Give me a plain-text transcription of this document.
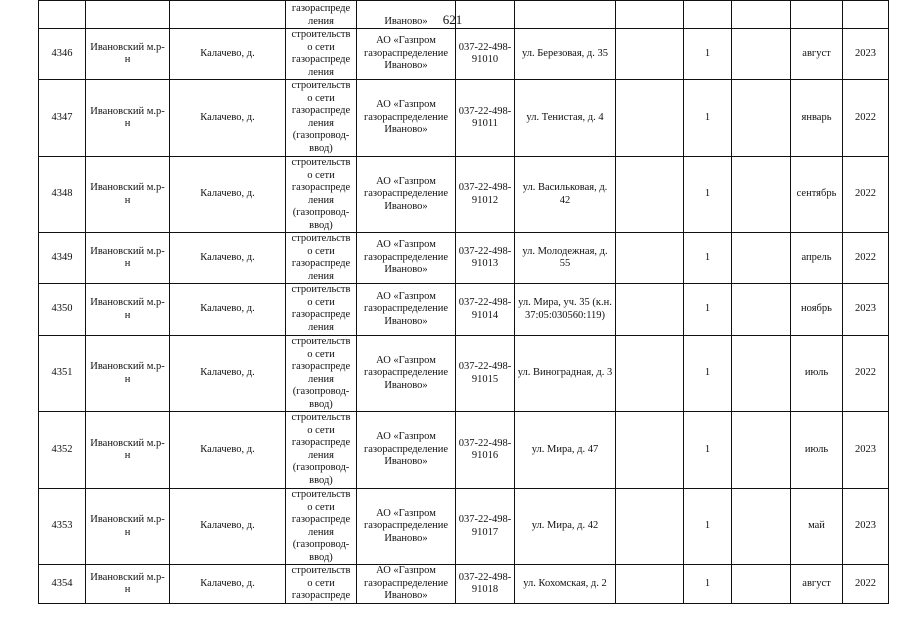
621
			газораспреде ления	Иваново»							
4346	Ивановский м.р-н	Калачево, д.	строительств о сети газораспреде ления	АО «Газпром газораспределение Иваново»	037-22-498-91010	ул. Березовая, д. 35		1		август	2023
4347	Ивановский м.р-н	Калачево, д.	строительств о сети газораспреде ления (газопровод-ввод)	АО «Газпром газораспределение Иваново»	037-22-498-91011	ул. Тенистая, д. 4		1		январь	2022
4348	Ивановский м.р-н	Калачево, д.	строительств о сети газораспреде ления (газопровод-ввод)	АО «Газпром газораспределение Иваново»	037-22-498-91012	ул. Васильковая, д. 42		1		сентябрь	2022
4349	Ивановский м.р-н	Калачево, д.	строительств о сети газораспреде ления	АО «Газпром газораспределение Иваново»	037-22-498-91013	ул. Молодежная, д. 55		1		апрель	2022
4350	Ивановский м.р-н	Калачево, д.	строительств о сети газораспреде ления	АО «Газпром газораспределение Иваново»	037-22-498-91014	ул. Мира, уч. 35 (к.н. 37:05:030560:119)		1		ноябрь	2023
4351	Ивановский м.р-н	Калачево, д.	строительств о сети газораспреде ления (газопровод-ввод)	АО «Газпром газораспределение Иваново»	037-22-498-91015	ул. Виноградная, д. 3		1		июль	2022
4352	Ивановский м.р-н	Калачево, д.	строительств о сети газораспреде ления (газопровод-ввод)	АО «Газпром газораспределение Иваново»	037-22-498-91016	ул. Мира, д. 47		1		июль	2023
4353	Ивановский м.р-н	Калачево, д.	строительств о сети газораспреде ления (газопровод-ввод)	АО «Газпром газораспределение Иваново»	037-22-498-91017	ул. Мира, д. 42		1		май	2023
4354	Ивановский м.р-н	Калачево, д.	строительств о сети газораспреде	АО «Газпром газораспределение Иваново»	037-22-498-91018	ул. Кохомская, д. 2		1		август	2022
